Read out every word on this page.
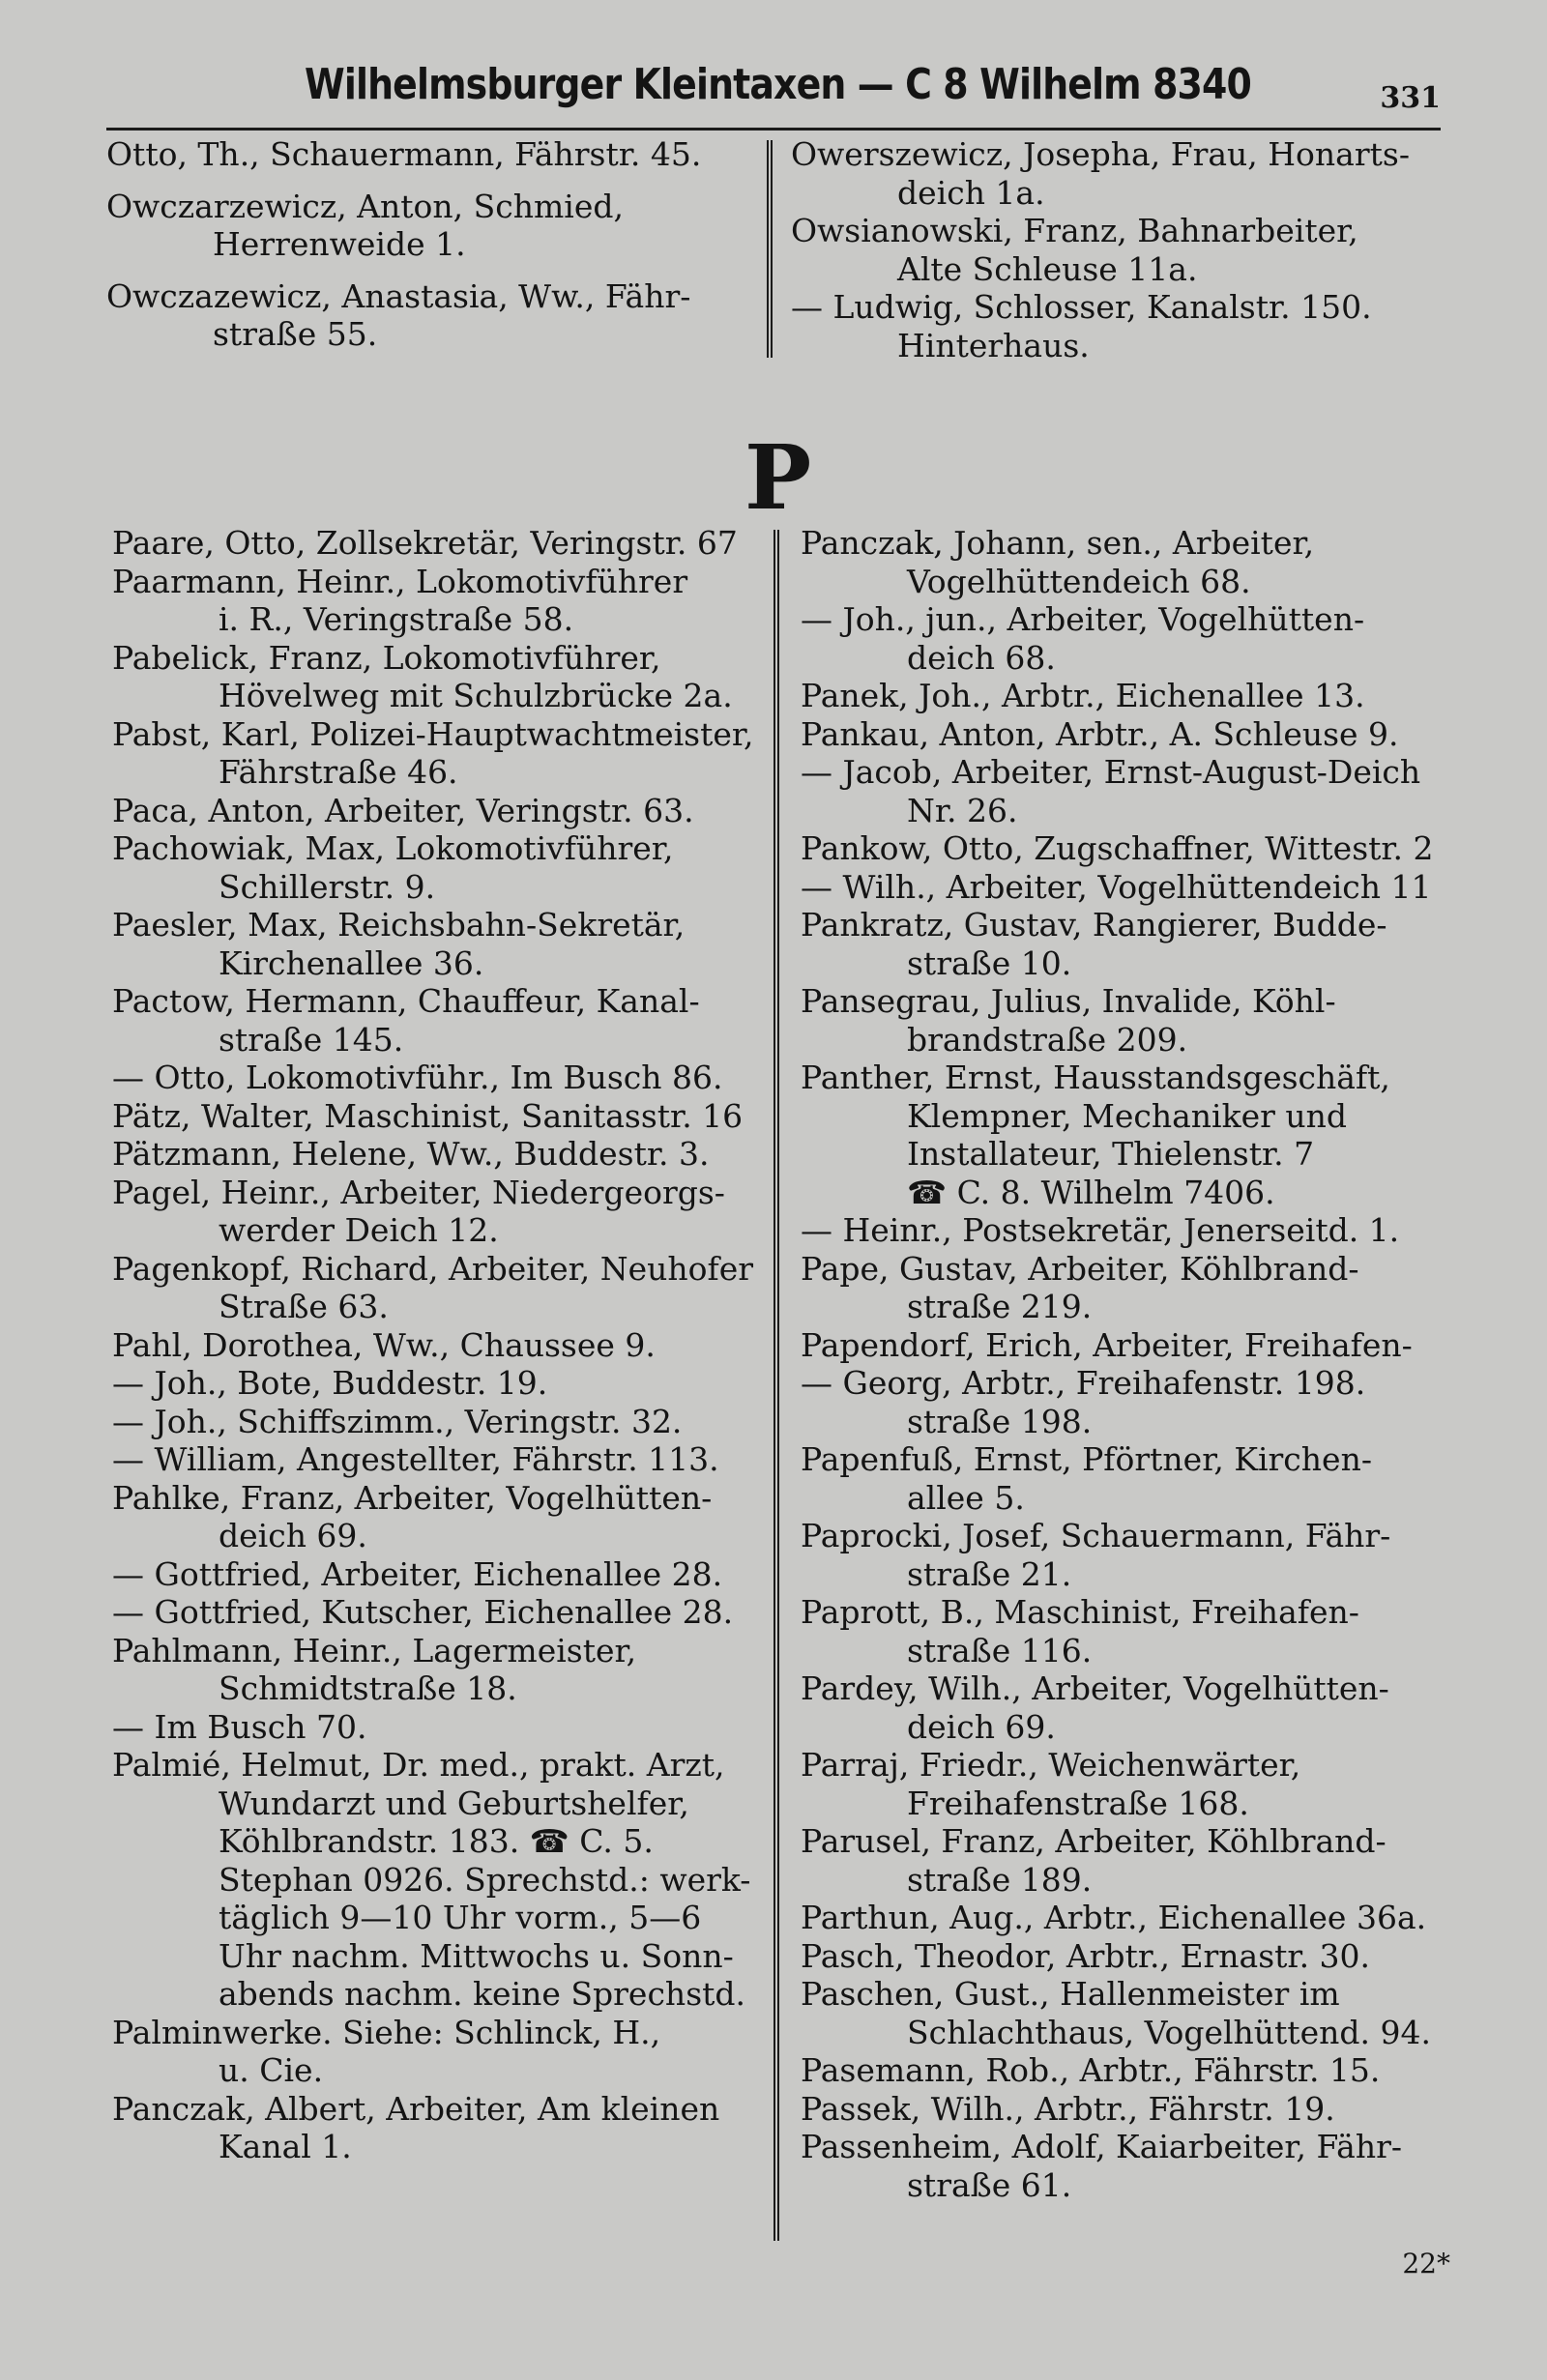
Wilhelmsburger Kleintaxen — C 8 Wilhelm 8340	331
Otto, Th., Schauermann, Fährstr. 45.
Owczarzewicz, Anton, Schmied,
Herrenweide 1.
Owczazewicz, Anastasia, Ww., Fähr-
straße 55.
Owerszewicz, Josepha, Frau, Honarts-
deich 1a.
Owsianowski, Franz, Bahnarbeiter,
Alte Schleuse 11a.
— Ludwig, Schlosser, Kanalstr. 150.
Hinterhaus.
P
Paare, Otto, Zollsekretär, Veringstr. 67
Paarmann, Heinr., Lokomotivführer
i. R., Veringstraße 58.
Pabelick, Franz, Lokomotivführer,
Hövelweg mit Schulzbrücke 2a.
Pabst, Karl, Polizei-Hauptwachtmeister,
Fährstraße 46.
Paca, Anton, Arbeiter, Veringstr. 63.
Pachowiak, Max, Lokomotivführer,
Schillerstr. 9.
Paesler, Max, Reichsbahn-Sekretär,
Kirchenallee 36.
Pactow, Hermann, Chauffeur, Kanal-
straße 145.
— Otto, Lokomotivführ., Im Busch 86.
Pätz, Walter, Maschinist, Sanitasstr. 16
Pätzmann, Helene, Ww., Buddestr. 3.
Pagel, Heinr., Arbeiter, Niedergeorgs-
werder Deich 12.
Pagenkopf, Richard, Arbeiter, Neuhofer
Straße 63.
Pahl, Dorothea, Ww., Chaussee 9.
— Joh., Bote, Buddestr. 19.
— Joh., Schiffszimm., Veringstr. 32.
— William, Angestellter, Fährstr. 113.
Pahlke, Franz, Arbeiter, Vogelhütten-
deich 69.
— Gottfried, Arbeiter, Eichenallee 28.
— Gottfried, Kutscher, Eichenallee 28.
Pahlmann, Heinr., Lagermeister,
Schmidtstraße 18.
— Im Busch 70.
Palmié, Helmut, Dr. med., prakt. Arzt,
Wundarzt und Geburtshelfer,
Köhlbrandstr. 183. ☎ C. 5.
Stephan 0926. Sprechstd.: werk-
täglich 9—10 Uhr vorm., 5—6
Uhr nachm. Mittwochs u. Sonn-
abends nachm. keine Sprechstd.
Palminwerke. Siehe: Schlinck, H.,
u. Cie.
Panczak, Albert, Arbeiter, Am kleinen
Kanal 1.
Panczak, Johann, sen., Arbeiter,
Vogelhüttendeich 68.
— Joh., jun., Arbeiter, Vogelhütten-
deich 68.
Panek, Joh., Arbtr., Eichenallee 13.
Pankau, Anton, Arbtr., A. Schleuse 9.
— Jacob, Arbeiter, Ernst-August-Deich
Nr. 26.
Pankow, Otto, Zugschaffner, Wittestr. 2
— Wilh., Arbeiter, Vogelhüttendeich 11
Pankratz, Gustav, Rangierer, Budde-
straße 10.
Pansegrau, Julius, Invalide, Köhl-
brandstraße 209.
Panther, Ernst, Hausstandsgeschäft,
Klempner, Mechaniker und
Installateur, Thielenstr. 7
☎ C. 8. Wilhelm 7406.
— Heinr., Postsekretär, Jenerseitd. 1.
Pape, Gustav, Arbeiter, Köhlbrand-
straße 219.
Papendorf, Erich, Arbeiter, Freihafen-
— Georg, Arbtr., Freihafenstr. 198.
straße 198.
Papenfuß, Ernst, Pförtner, Kirchen-
allee 5.
Paprocki, Josef, Schauermann, Fähr-
straße 21.
Paprott, B., Maschinist, Freihafen-
straße 116.
Pardey, Wilh., Arbeiter, Vogelhütten-
deich 69.
Parraj, Friedr., Weichenwärter,
Freihafenstraße 168.
Parusel, Franz, Arbeiter, Köhlbrand-
straße 189.
Parthun, Aug., Arbtr., Eichenallee 36a.
Pasch, Theodor, Arbtr., Ernastr. 30.
Paschen, Gust., Hallenmeister im
Schlachthaus, Vogelhüttend. 94.
Pasemann, Rob., Arbtr., Fährstr. 15.
Passek, Wilh., Arbtr., Fährstr. 19.
Passenheim, Adolf, Kaiarbeiter, Fähr-
straße 61.
22*
